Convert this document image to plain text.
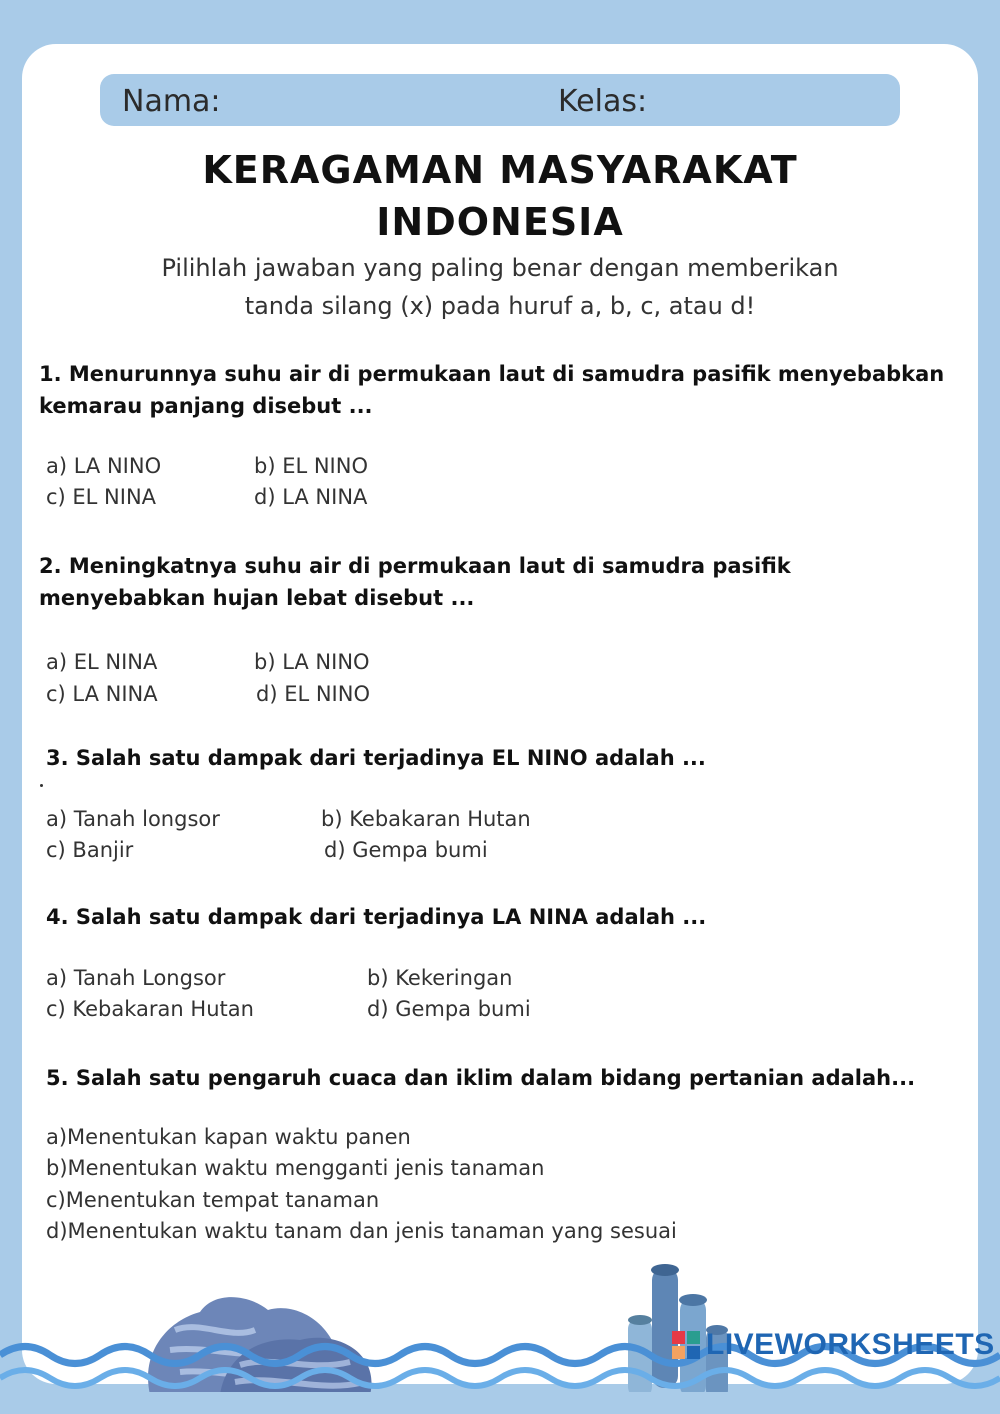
Nama:	Kelas:
KERAGAMAN MASYARAKAT
INDONESIA
Pilihlah jawaban yang paling benar dengan memberikan
tanda silang (x) pada huruf a, b, c, atau d!
1. Menurunnya suhu air di permukaan laut di samudra pasifik menyebabkan
kemarau panjang disebut ...
a) LA NINO	b) EL NINO
c) EL NINA	d) LA NINA
2. Meningkatnya suhu air di permukaan laut di samudra pasifik
menyebabkan hujan lebat disebut ...
a) EL NINA	b) LA NINO
c) LA NINA	d) EL NINO
3. Salah satu dampak dari terjadinya EL NINO adalah ...
a) Tanah longsor	b) Kebakaran Hutan
c) Banjir	d) Gempa bumi
4. Salah satu dampak dari terjadinya LA NINA adalah ...
a) Tanah Longsor	b) Kekeringan
c) Kebakaran Hutan	d) Gempa bumi
5. Salah satu pengaruh cuaca dan iklim dalam bidang pertanian adalah...
a)Menentukan kapan waktu panen
b)Menentukan waktu mengganti jenis tanaman
c)Menentukan tempat tanaman
d)Menentukan waktu tanam dan jenis tanaman yang sesuai
LIVEWORKSHEETS
